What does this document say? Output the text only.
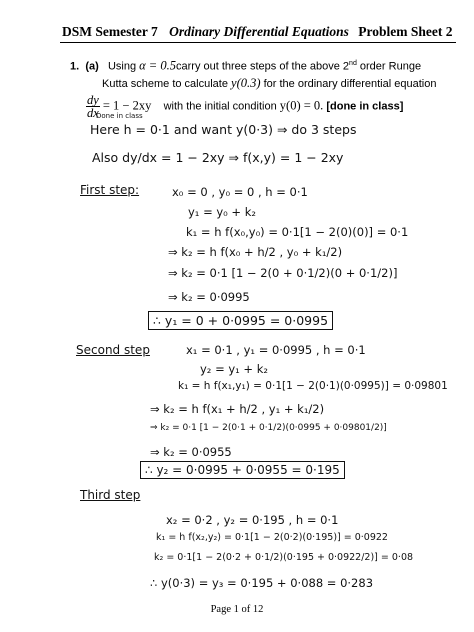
DSM Semester 7 Ordinary Differential Equations Problem Sheet 2
1. (a) Using α = 0.5carry out three steps of the above 2nd order Runge
Kutta scheme to calculate y(0.3) for the ordinary differential equation
$\frac{dy}{dx} = 1 - 2xy$ with the initial condition y(0) = 0. [done in class]
Done in class
Here h = 0·1 and want y(0·3) ⇒ do 3 steps
Also dy/dx = 1 − 2xy ⇒ f(x,y) = 1 − 2xy
First step:	x₀ = 0 , y₀ = 0 , h = 0·1
y₁ = y₀ + k₂
k₁ = h f(x₀,y₀) = 0·1[1 − 2(0)(0)] = 0·1
⇒ k₂ = h f(x₀ + h/2 , y₀ + k₁/2)
⇒ k₂ = 0·1 [1 − 2(0 + 0·1/2)(0 + 0·1/2)]
⇒ k₂ = 0·0995
∴ y₁ = 0 + 0·0995 = 0·0995
Second step	x₁ = 0·1 , y₁ = 0·0995 , h = 0·1
y₂ = y₁ + k₂
k₁ = h f(x₁,y₁) = 0·1[1 − 2(0·1)(0·0995)] = 0·09801
⇒ k₂ = h f(x₁ + h/2 , y₁ + k₁/2)
⇒ k₂ = 0·1 [1 − 2(0·1 + 0·1/2)(0·0995 + 0·09801/2)]
⇒ k₂ = 0·0955
∴ y₂ = 0·0995 + 0·0955 = 0·195
Third step
x₂ = 0·2 , y₂ = 0·195 , h = 0·1
k₁ = h f(x₂,y₂) = 0·1[1 − 2(0·2)(0·195)] = 0·0922
k₂ = 0·1[1 − 2(0·2 + 0·1/2)(0·195 + 0·0922/2)] = 0·08
∴ y(0·3) = y₃ = 0·195 + 0·088 = 0·283
Page 1 of 12
